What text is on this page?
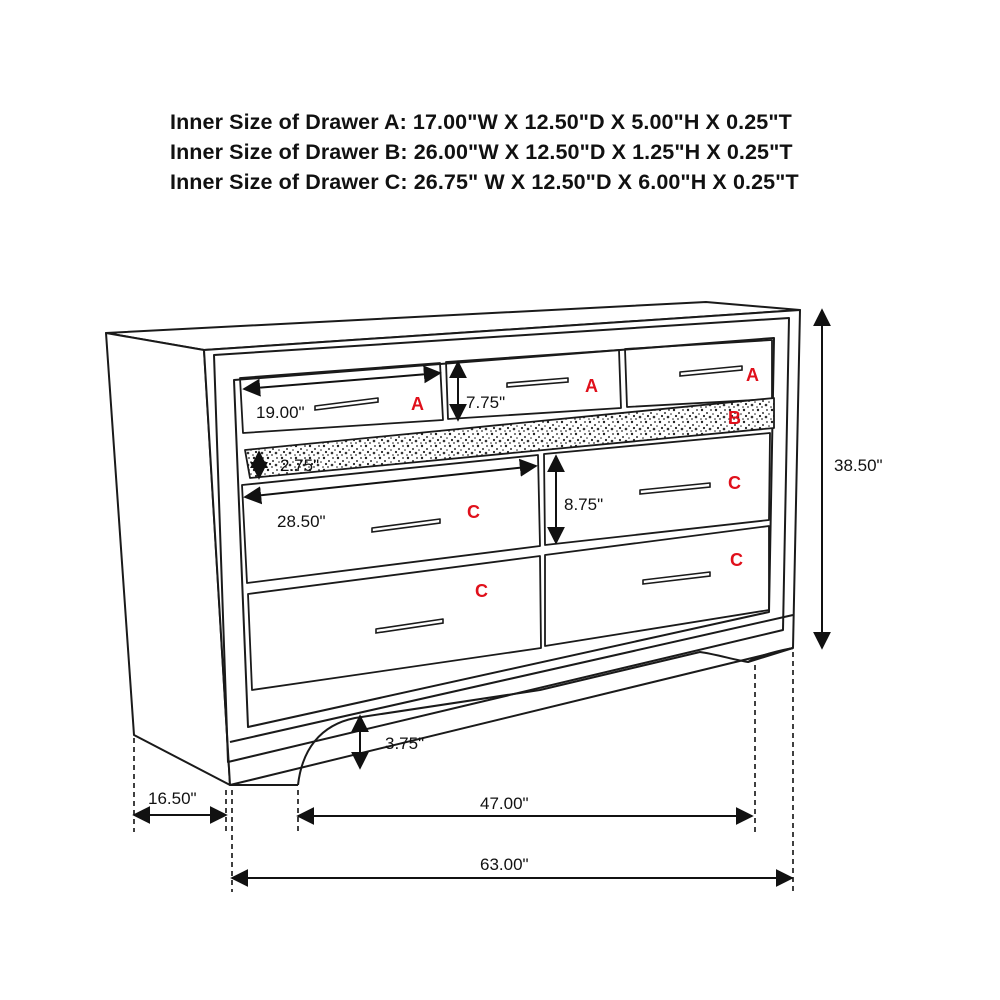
Inner Size of Drawer A: 17.00"W X 12.50"D X 5.00"H X 0.25"T
Inner Size of Drawer B: 26.00"W X 12.50"D X 1.25"H X 0.25"T
Inner Size of Drawer C: 26.75" W X 12.50"D X 6.00"H X 0.25"T
A
A
A
B
C
C
C
C
19.00"
7.75"
2.75"
28.50"
8.75"
38.50"
3.75"
16.50"	47.00"
63.00"
